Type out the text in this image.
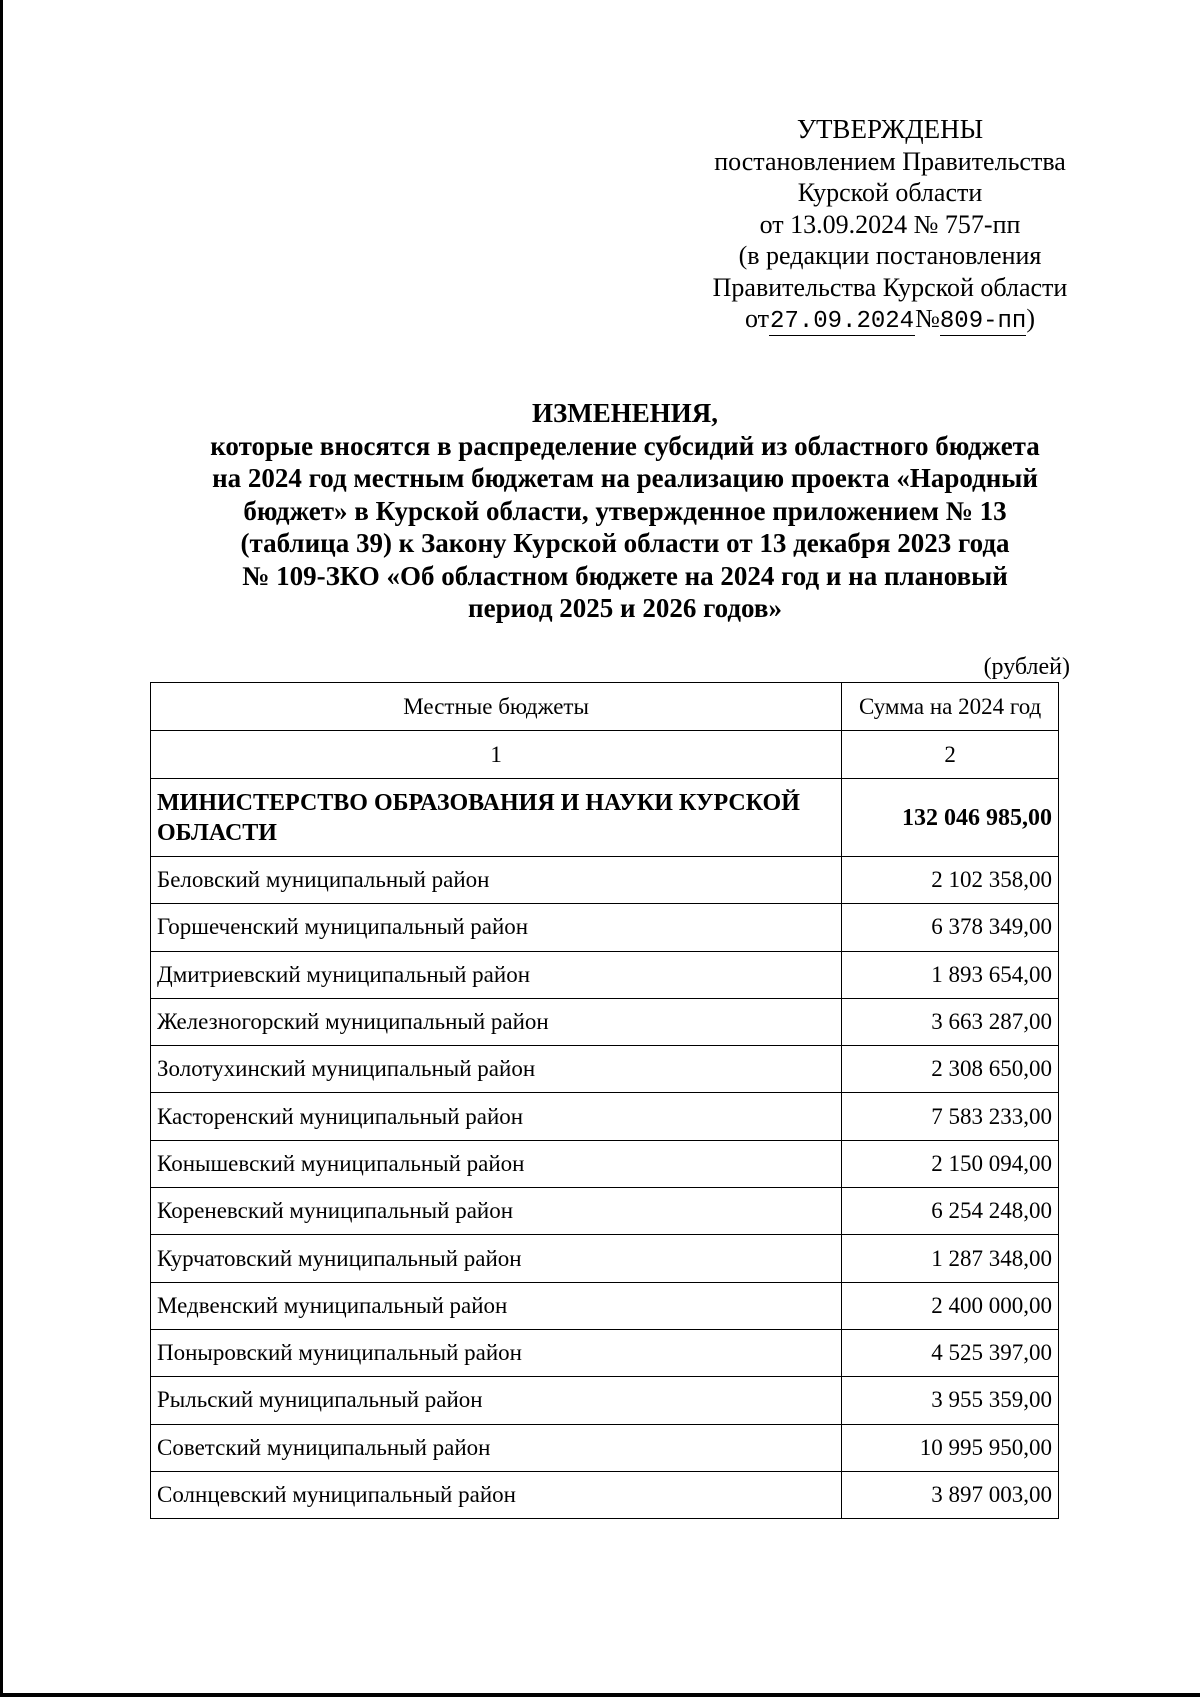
УТВЕРЖДЕНЫ
постановлением Правительства
Курской области
от 13.09.2024 № 757-пп
(в редакции постановления
Правительства Курской области
от27.09.2024№809-пп)
ИЗМЕНЕНИЯ,
которые вносятся в распределение субсидий из областного бюджета
на 2024 год местным бюджетам на реализацию проекта «Народный
бюджет» в Курской области, утвержденное приложением № 13
(таблица 39) к Закону Курской области от 13 декабря 2023 года
№ 109-ЗКО «Об областном бюджете на 2024 год и на плановый
период 2025 и 2026 годов»
(рублей)
Местные бюджеты	Сумма на 2024 год
1	2
МИНИСТЕРСТВО ОБРАЗОВАНИЯ И НАУКИ КУРСКОЙ ОБЛАСТИ	132 046 985,00
Беловский муниципальный район	2 102 358,00
Горшеченский муниципальный район	6 378 349,00
Дмитриевский муниципальный район	1 893 654,00
Железногорский муниципальный район	3 663 287,00
Золотухинский муниципальный район	2 308 650,00
Касторенский муниципальный район	7 583 233,00
Конышевский муниципальный район	2 150 094,00
Кореневский муниципальный район	6 254 248,00
Курчатовский муниципальный район	1 287 348,00
Медвенский муниципальный район	2 400 000,00
Поныровский муниципальный район	4 525 397,00
Рыльский муниципальный район	3 955 359,00
Советский муниципальный район	10 995 950,00
Солнцевский муниципальный район	3 897 003,00
